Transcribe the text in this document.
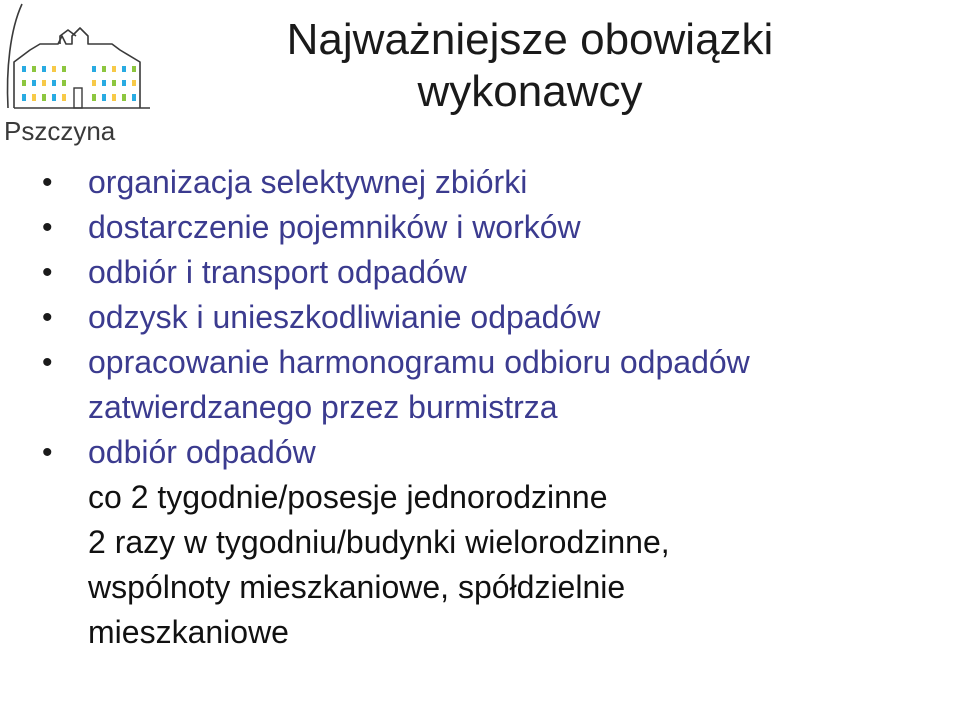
Pszczyna
Najważniejsze obowiązki
wykonawcy
• organizacja selektywnej zbiórki
• dostarczenie pojemników i worków
• odbiór i transport odpadów
• odzysk i unieszkodliwianie odpadów
• opracowanie harmonogramu odbioru odpadów
zatwierdzanego przez burmistrza
• odbiór odpadów
co 2 tygodnie/posesje jednorodzinne
2 razy w tygodniu/budynki wielorodzinne,
wspólnoty mieszkaniowe, spółdzielnie
mieszkaniowe
